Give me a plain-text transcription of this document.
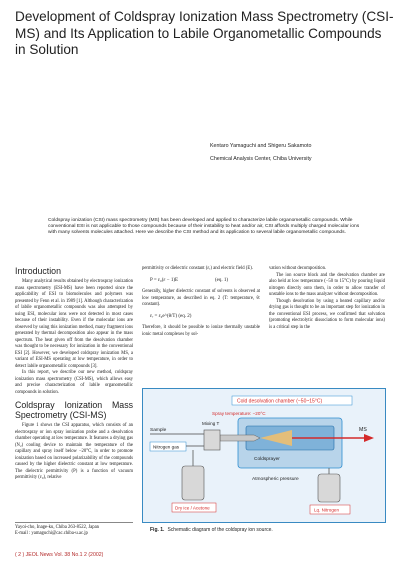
Development of Coldspray Ionization Mass Spectrometry (CSI-MS) and Its Application to Labile Organometallic Compounds in Solution
Kentaro Yamaguchi and Shigeru Sakamoto
Chemical Analysis Center, Chiba University
Coldspray ionization (CSI) mass spectrometry (MS) has been developed and applied to characterize labile organometallic compounds. While conventional ESI is not applicable to those compounds because of their instability to heat and/or air, CSI affords multiply charged molecular ions with many solvents molecules attached. Here we describe the CSI method and its application to several labile organometallic compounds.
Introduction

Many analytical results obtained by electrospray ionization mass spectrometry (ESI-MS) have been reported since the applicability of ESI to biomolecules and polymers was presented by Fenn et al. in 1989 [1]. Although characterization of labile organometallic compounds was also attempted by using ESI, molecular ions were not detected in most cases because of their instability. Even if the molecular ions are observed by using this ionization method, many fragment ions generated by thermal decomposition also appear in the mass spectrum. The heat given off from the desolvation chamber was thought to be necessary for ionization in the conventional ESI [2]. However, we developed coldspray ionization MS, a variant of ESI-MS operating at low temperature, in order to detect labile organometallic compounds [3].

In this report, we describe our new method, coldspray ionization mass spectrometry (CSI-MS), which allows easy and precise characterization of labile organometallic compounds in solution.

Coldspray Ionization Mass Spectrometry (CSI-MS)

Figure 1 shows the CSI apparatus, which consists of an electrospray or ion spray ionization probe and a desolvation chamber operating at low temperature. It features a drying gas (N₂) cooling device to maintain the temperature of the capillary and spray itself below −20°C, in order to promote ionization based on increased polarizability of the compounds caused by the higher dielectric constant at low temperature. The dielectric permittivity (P) is a function of vacuum permittivity (ε₀), relative

Yayoi-cho, Inage-ku, Chiba 263-8522, Japan
E-mail : yamaguchi@cac.chiba-u.ac.jp

permittivity or dielectric constant (εᵣ) and electric field (E).

P = ε₀(ε − 1)E	(eq. 1)

Generally, higher dielectric constant of solvents is observed at low temperature, as described in eq. 2 (T: temperature, θ: constant).

εᵣ = ε₀e^(θ/T) (eq. 2)

Therefore, it should be possible to ionize thermally unstable ionic metal complexes by sol-

vation without decomposition.

The ion source block and the desolvation chamber are also held at low temperature (−50 to 15°C) by pouring liquid nitrogen directly onto them, in order to allow transfer of unstable ions to the mass analyzer without decomposition.

Though desolvation by using a heated capillary and/or drying gas is thought to be an important step for ionization in the conventional ESI process, we confirmed that solvation (promoting electrolytic dissociation to form molecular ions) is a critical step in the

Cold desolvation chamber (−50~15°C)
Spray temperature: −20°C
MS
Sample
Nitrogen gas
Mixing T
Coldsprayer
Atmospheric pressure
Dry ice / Acetone	Lq. Nitrogen
Fig. 1. Schematic diagram of the coldspray ion source.
( 2 ) JEOL News Vol. 38 No.1 2 (2002)
